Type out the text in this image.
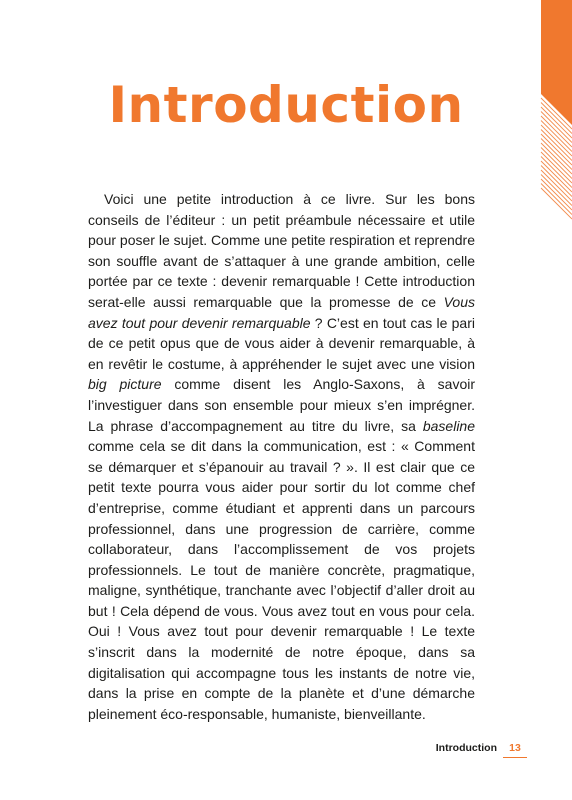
Introduction

Voici une petite introduction à ce livre. Sur les bons conseils de l’éditeur : un petit préambule nécessaire et utile pour poser le sujet. Comme une petite respiration et reprendre son souffle avant de s’attaquer à une grande ambition, celle portée par ce texte : devenir remarquable ! Cette introduction serat-elle aussi remarquable que la promesse de ce Vous avez tout pour devenir remarquable ? C’est en tout cas le pari de ce petit opus que de vous aider à devenir remarquable, à en revêtir le costume, à appréhender le sujet avec une vision big picture comme disent les Anglo-Saxons, à savoir l’investiguer dans son ensemble pour mieux s’en imprégner. La phrase d’accompagnement au titre du livre, sa baseline comme cela se dit dans la communication, est : « Comment se démarquer et s’épanouir au travail ? ». Il est clair que ce petit texte pourra vous aider pour sortir du lot comme chef d’entreprise, comme étudiant et apprenti dans un parcours professionnel, dans une progression de carrière, comme collaborateur, dans l’accomplissement de vos projets professionnels. Le tout de manière concrète, pragmatique, maligne, synthétique, tranchante avec l’objectif d’aller droit au but ! Cela dépend de vous. Vous avez tout en vous pour cela. Oui ! Vous avez tout pour devenir remarquable ! Le texte s’inscrit dans la modernité de notre époque, dans sa digitalisation qui accompagne tous les instants de notre vie, dans la prise en compte de la planète et d’une démarche pleinement éco-responsable, humaniste, bienveillante.

Introduction	13
